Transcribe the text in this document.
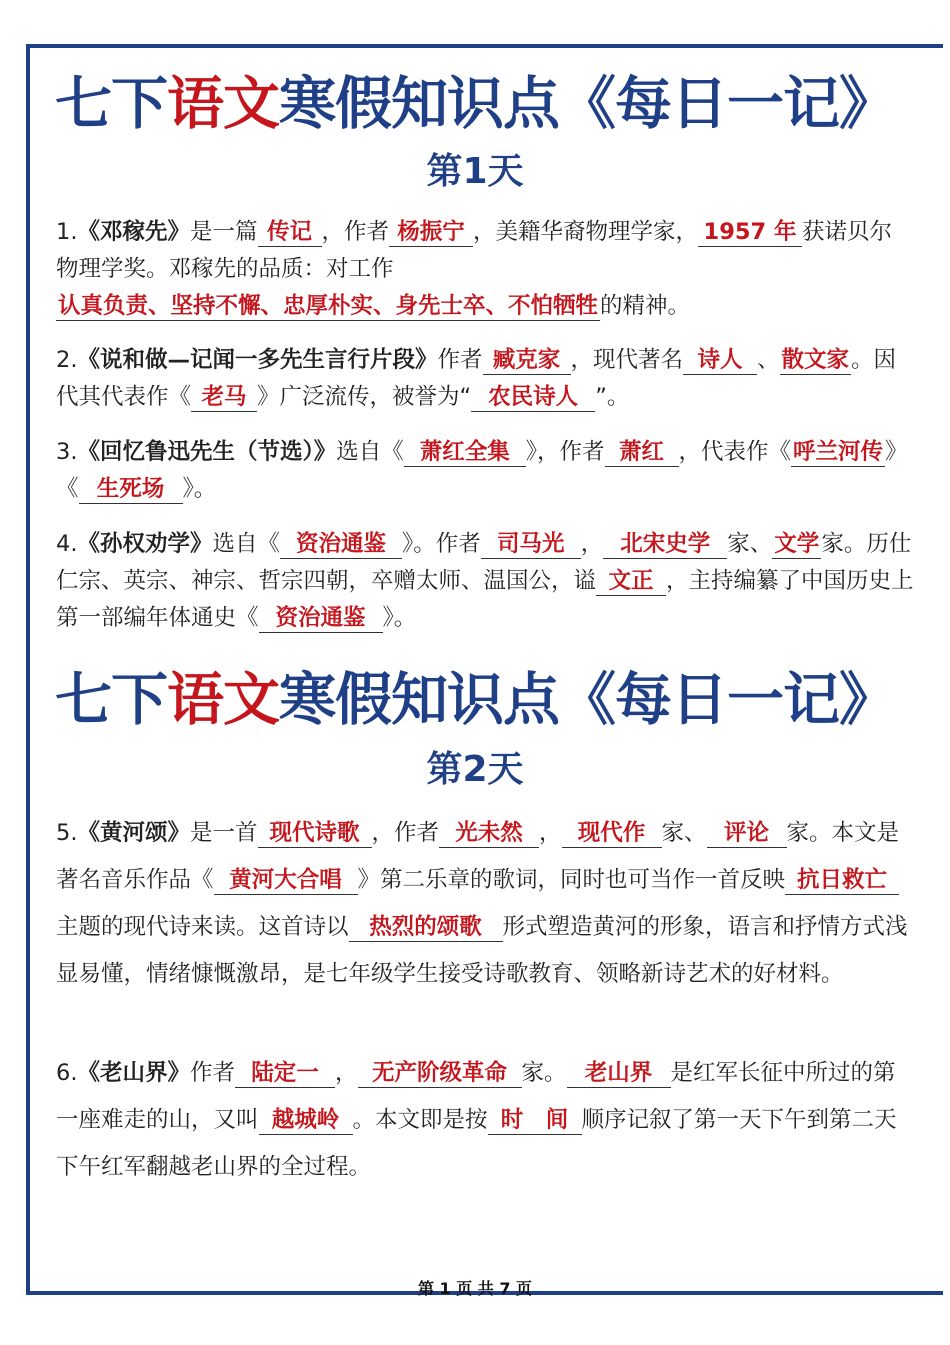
七下语文寒假知识点《每日一记》
第1天

1.《邓稼先》是一篇 传记 ，作者 杨振宁 ，美籍华裔物理学家， 1957 年 获诺贝尔物理学奖。邓稼先的品质：对工作认真负责、坚持不懈、忠厚朴实、身先士卒、不怕牺牲的精神。

2.《说和做—记闻一多先生言行片段》作者 臧克家 ，现代著名 诗人 、散文家。因代其代表作《 老马 》广泛流传，被誉为“ 农民诗人 ”。

3.《回忆鲁迅先生（节选）》选自《 萧红全集 》，作者 萧红 ，代表作《呼兰河传》《 生死场 》。

4.《孙权劝学》选自《 资治通鉴 》。作者 司马光 ， 北宋史学 家、文学家。历仕仁宗、英宗、神宗、哲宗四朝，卒赠太师、温国公，谥 文正 ，主持编纂了中国历史上第一部编年体通史《 资治通鉴 》。

七下语文寒假知识点《每日一记》
第2天

5.《黄河颂》是一首 现代诗歌 ，作者 光未然 ， 现代作 家、 评论 家。本文是著名音乐作品《 黄河大合唱 》第二乐章的歌词，同时也可当作一首反映 抗日救亡主题的现代诗来读。这首诗以 热烈的颂歌 形式塑造黄河的形象，语言和抒情方式浅显易懂，情绪慷慨激昂，是七年级学生接受诗歌教育、领略新诗艺术的好材料。

6.《老山界》作者 陆定一 ， 无产阶级革命 家。 老山界 是红军长征中所过的第一座难走的山，又叫 越城岭 。本文即是按 时　间 顺序记叙了第一天下午到第二天下午红军翻越老山界的全过程。

第 1 页 共 7 页
